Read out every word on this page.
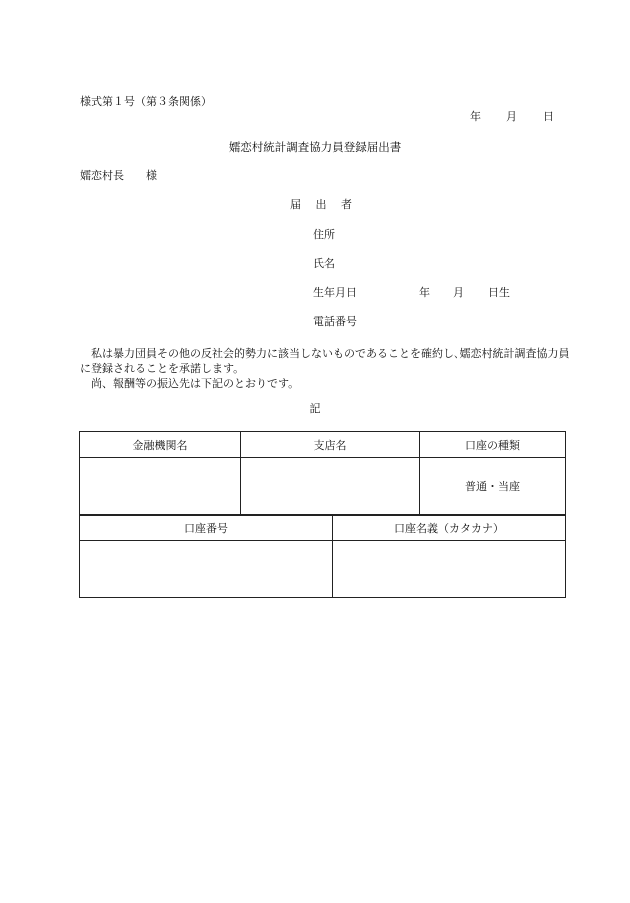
様式第１号（第３条関係）
年 月 日
嬬恋村統計調査協力員登録届出書
嬬恋村長　　様
届 出 者
住所
氏名
生年月日	年 月 日生
電話番号

私は暴力団員その他の反社会的勢力に該当しないものであることを確約し､嬬恋村統計調査協力員に登録されることを承諾します。

尚、報酬等の振込先は下記のとおりです。

記
金融機関名	支店名	口座の種類
		普通・当座
口座番号	口座名義（カタカナ）
